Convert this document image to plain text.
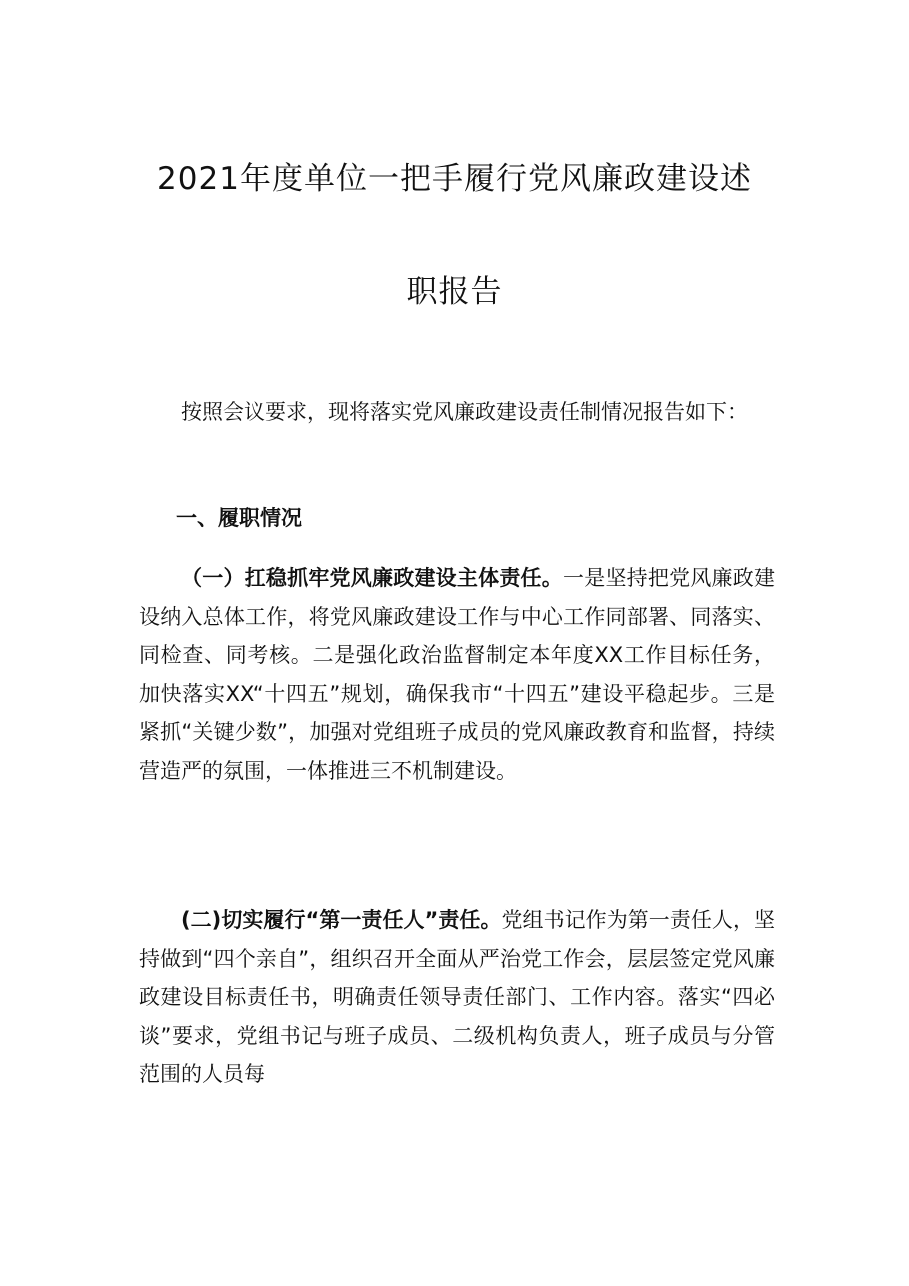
2021年度单位一把手履行党风廉政建设述
职报告

按照会议要求，现将落实党风廉政建设责任制情况报告如下：

一、履职情况

（一）扛稳抓牢党风廉政建设主体责任。一是坚持把党风廉政建设纳入总体工作，将党风廉政建设工作与中心工作同部署、同落实、同检查、同考核。二是强化政治监督制定本年度XX工作目标任务，加快落实XX“十四五”规划，确保我市“十四五”建设平稳起步。三是紧抓“关键少数”，加强对党组班子成员的党风廉政教育和监督，持续营造严的氛围，一体推进三不机制建设。

(二)切实履行“第一责任人”责任。党组书记作为第一责任人，坚持做到“四个亲自”，组织召开全面从严治党工作会，层层签定党风廉政建设目标责任书，明确责任领导责任部门、工作内容。落实“四必谈”要求，党组书记与班子成员、二级机构负责人，班子成员与分管范围的人员每
